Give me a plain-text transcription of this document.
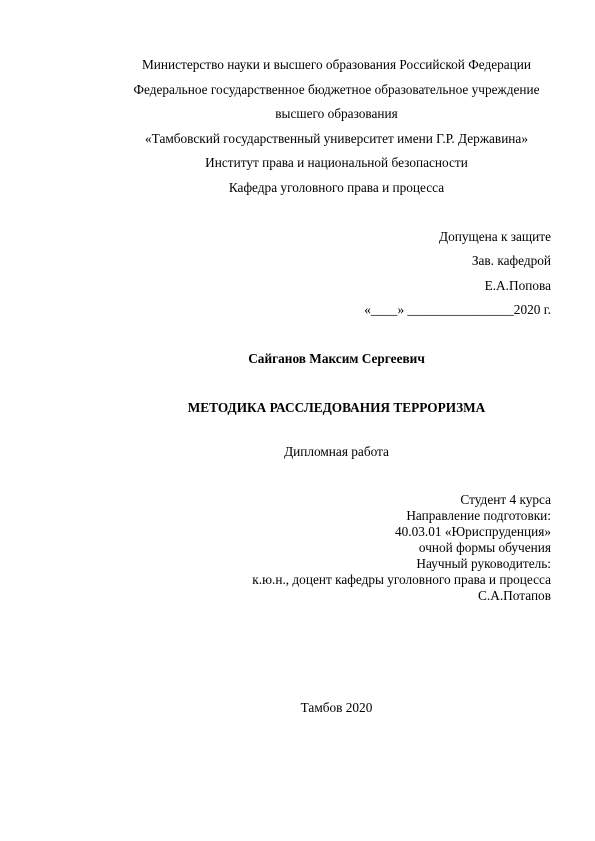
Министерство науки и высшего образования Российской Федерации
Федеральное государственное бюджетное образовательное учреждение
высшего образования
«Тамбовский государственный университет имени Г.Р. Державина»
Институт права и национальной безопасности
Кафедра уголовного права и процесса
Допущена к защите
Зав. кафедрой
Е.А.Попова
«____» ________________2020 г.
Сайганов Максим Сергеевич
МЕТОДИКА РАССЛЕДОВАНИЯ ТЕРРОРИЗМА
Дипломная работа
Студент 4 курса
Направление подготовки:
40.03.01 «Юриспруденция»
очной формы обучения
Научный руководитель:
к.ю.н., доцент кафедры уголовного права и процесса
С.А.Потапов
Тамбов 2020
